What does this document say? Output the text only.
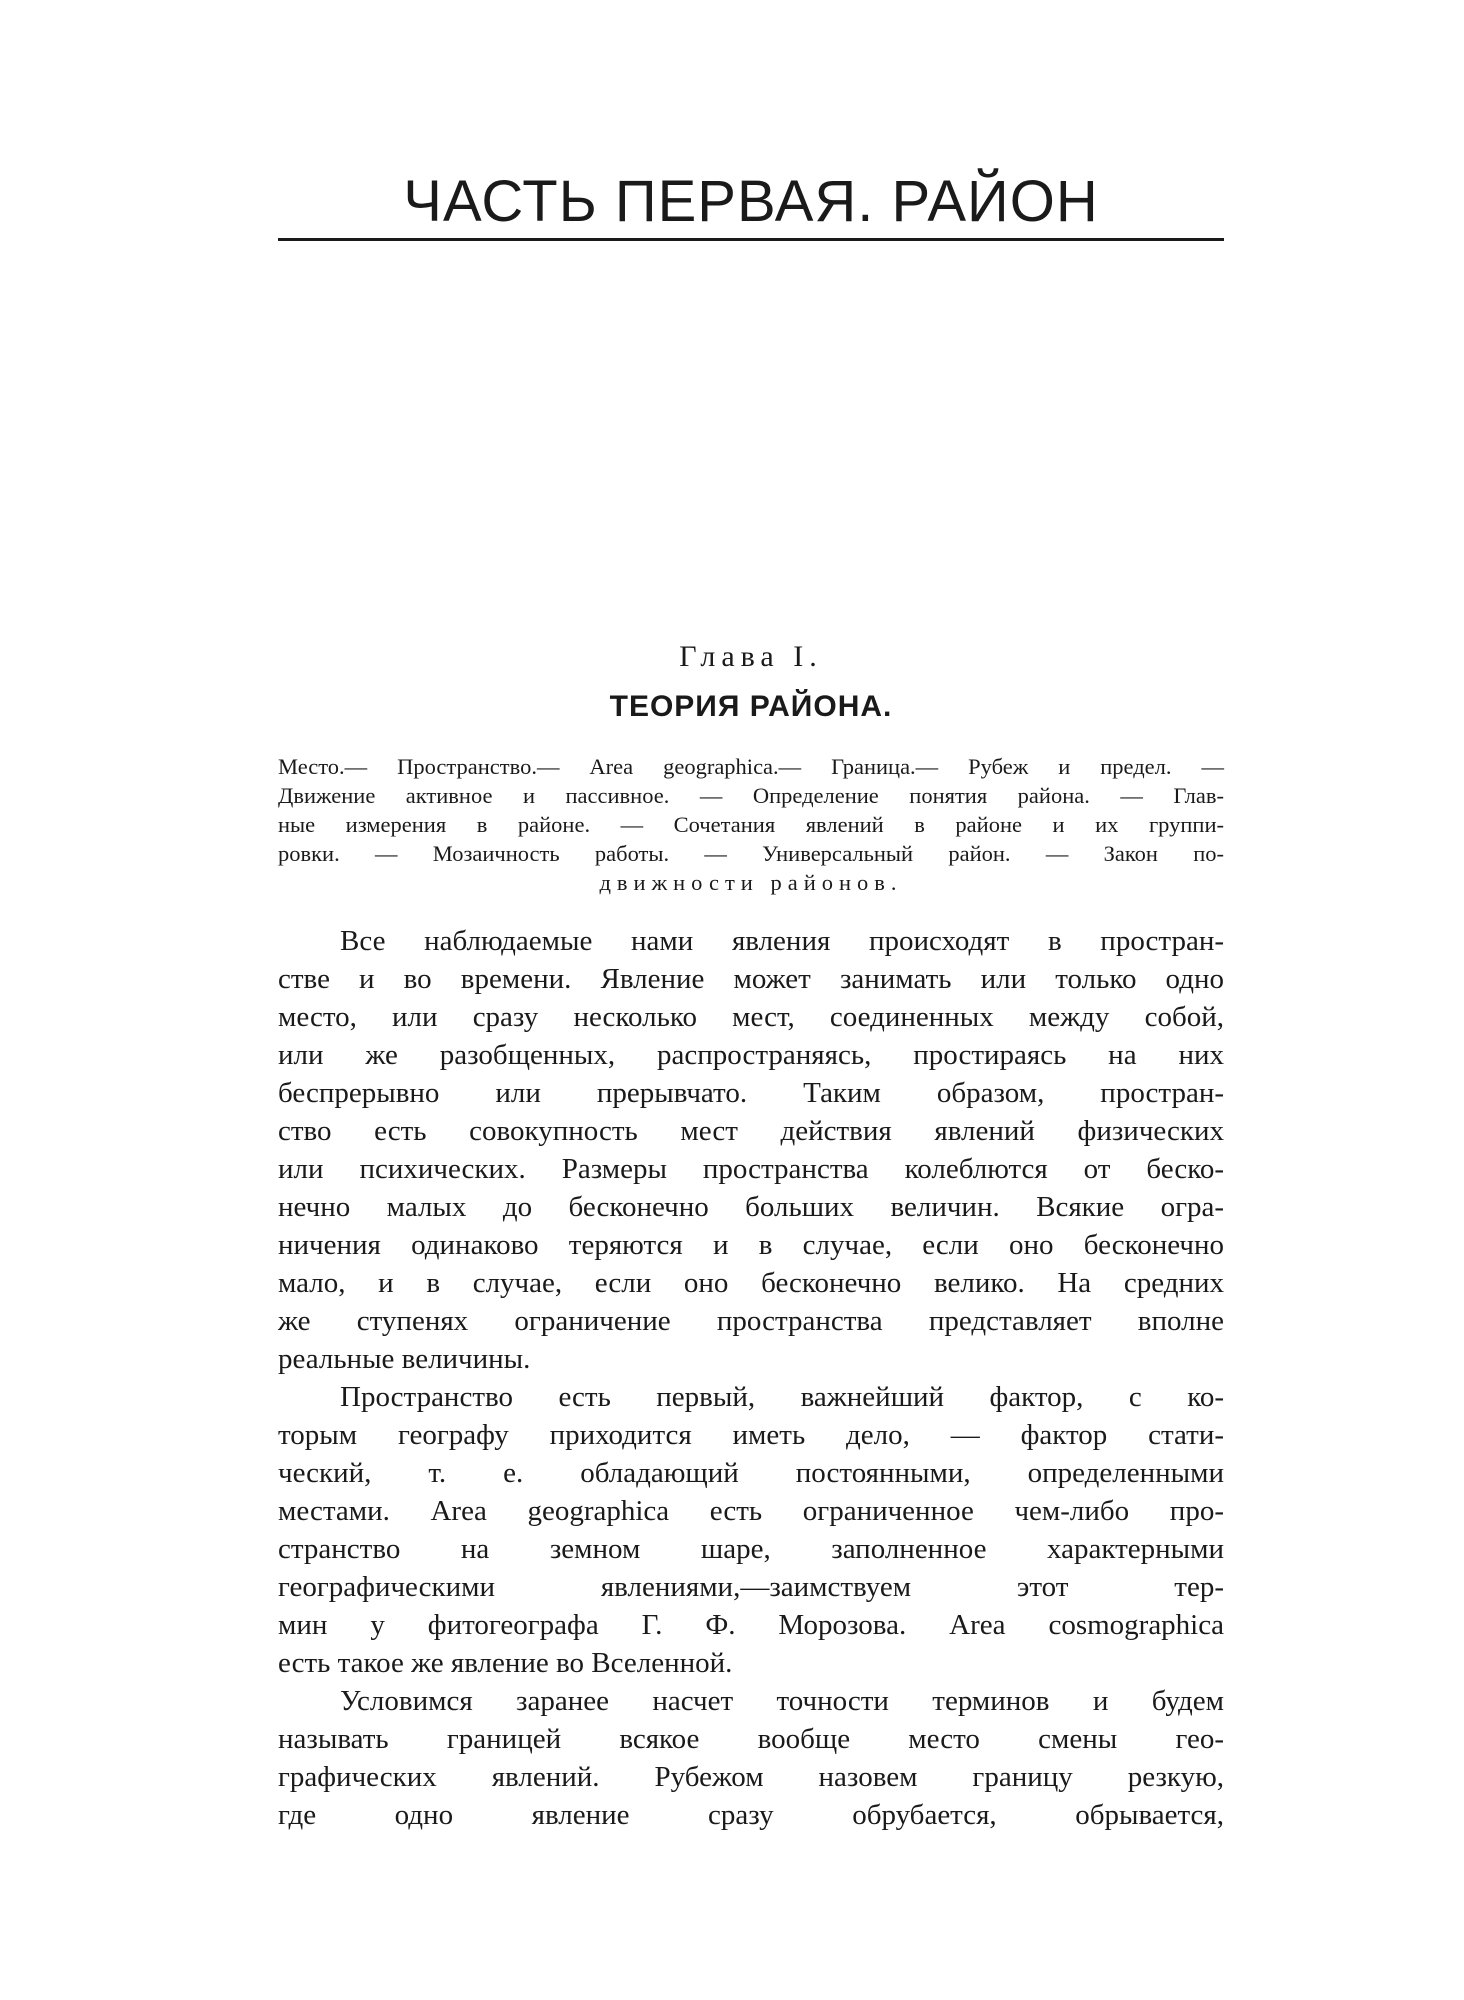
ЧАСТЬ ПЕРВАЯ. РАЙОН
Глава I.
ТЕОРИЯ РАЙОНА.
Место.— Пространство.— Area geographica.— Граница.— Рубеж и предел. —
Движение активное и пассивное. — Определение понятия района. — Глав-
ные измерения в районе. — Сочетания явлений в районе и их группи-
ровки. — Мозаичность работы. — Универсальный район. — Закон по-
движности районов.
Все наблюдаемые нами явления происходят в простран-
стве и во времени. Явление может занимать или только одно
место, или сразу несколько мест, соединенных между собой,
или же разобщенных, распространяясь, простираясь на них
беспрерывно или прерывчато. Таким образом, простран-
ство есть совокупность мест действия явлений физических
или психических. Размеры пространства колеблются от беско-
нечно малых до бесконечно больших величин. Всякие огра-
ничения одинаково теряются и в случае, если оно бесконечно
мало, и в случае, если оно бесконечно велико. На средних
же ступенях ограничение пространства представляет вполне
реальные величины.
Пространство есть первый, важнейший фактор, с ко-
торым географу приходится иметь дело, — фактор стати-
ческий, т. е. обладающий постоянными, определенными
местами. Area geographica есть ограниченное чем-либо про-
странство на земном шаре, заполненное характерными
географическими явлениями,—заимствуем этот тер-
мин у фитогеографа Г. Ф. Морозова. Area cosmographica
есть такое же явление во Вселенной.
Условимся заранее насчет точности терминов и будем
называть границей всякое вообще место смены гео-
графических явлений. Рубежом назовем границу резкую,
где одно явление сразу обрубается, обрывается,
